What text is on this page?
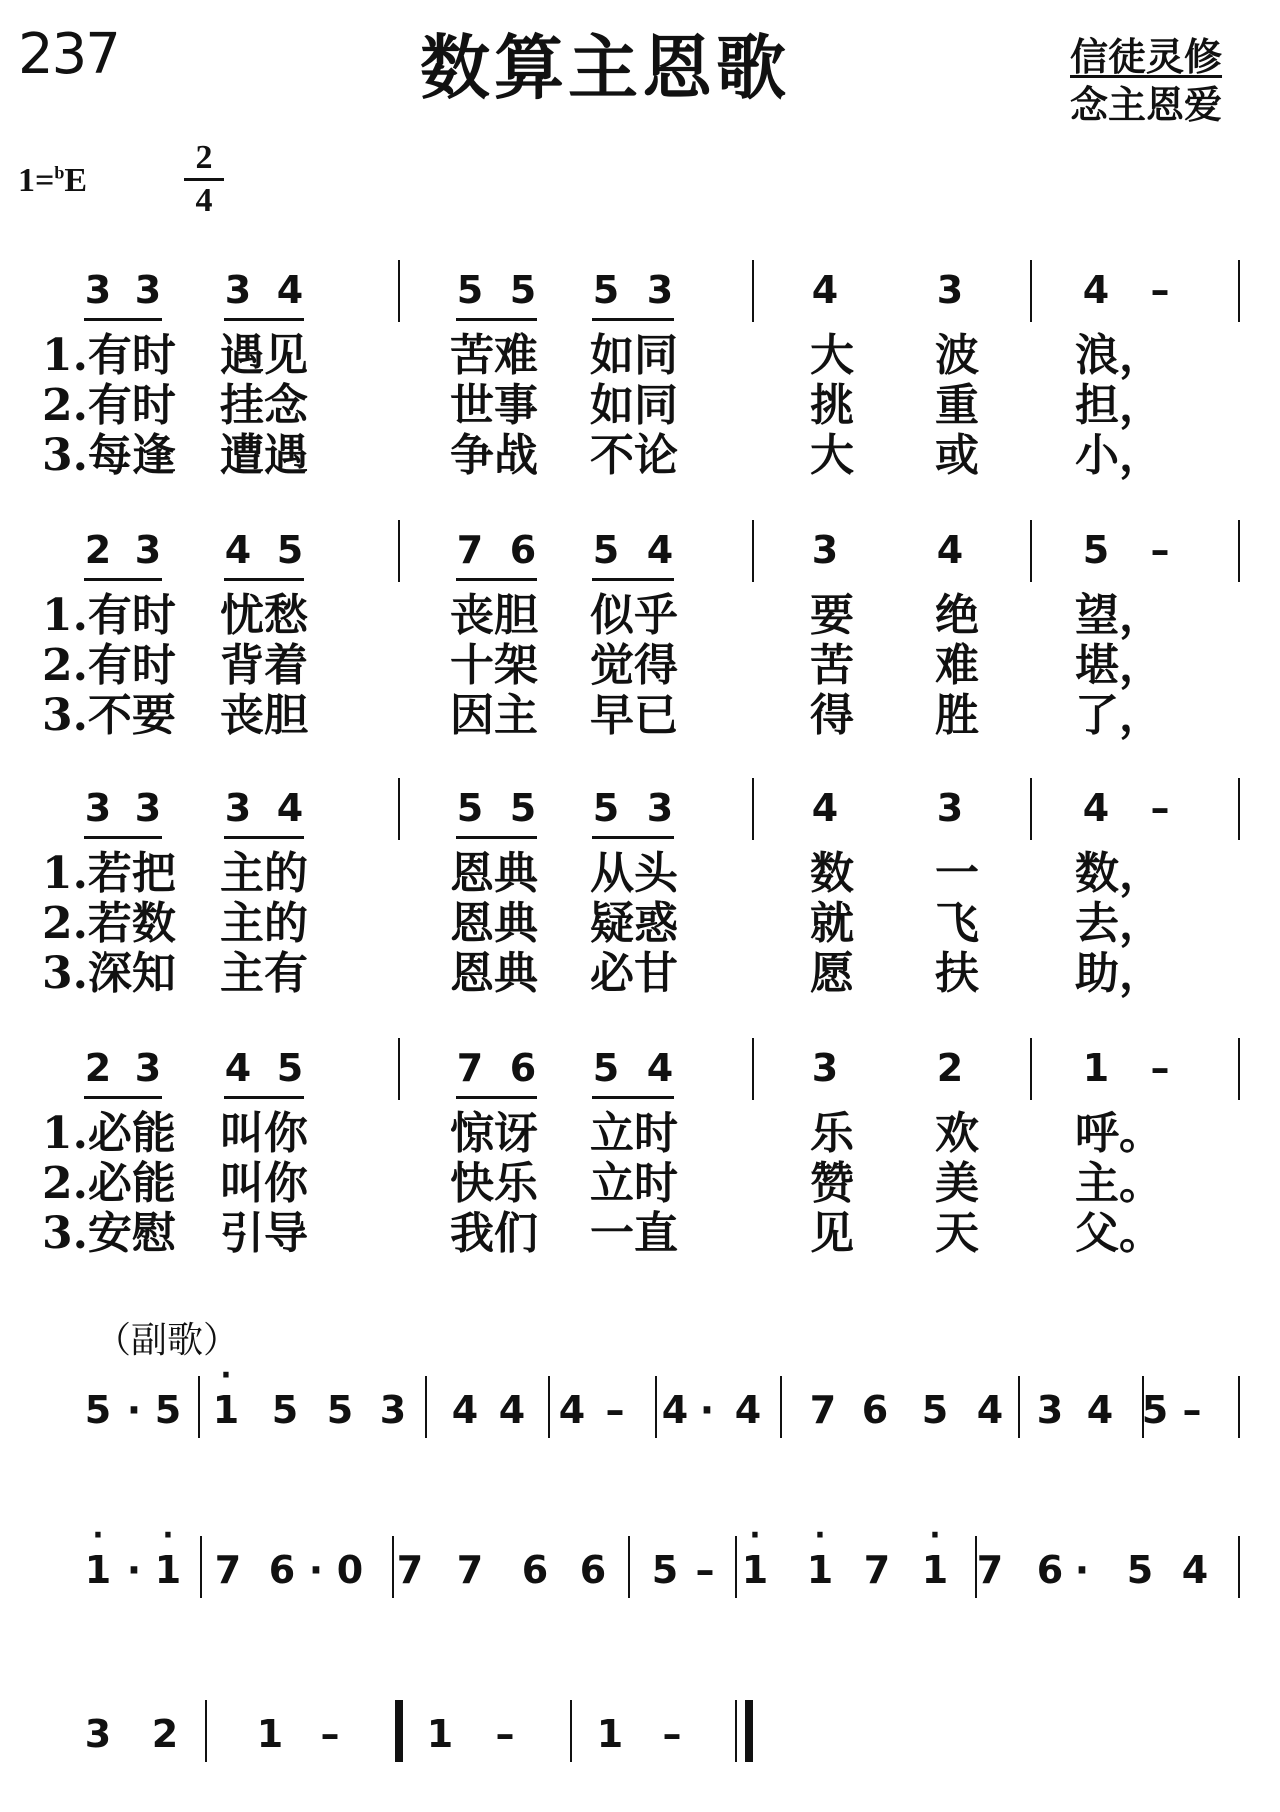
237	数算主恩歌	信徒灵修
念主恩爱
1=$^b$E
2
4
3 3 3 4	5 5 5 3	4	3	4 –
1.有时 遇见	苦难 如同	大 波 浪，
2.有时 挂念	世事 如同	挑 重 担，
3.每逢 遭遇	争战 不论	大 或 小，
2 3 4 5	7 6 5 4	3	4	5 –
1.有时 忧愁	丧胆 似乎	要 绝 望，
2.有时 背着	十架 觉得	苦 难 堪，
3.不要 丧胆	因主 早已	得 胜 了，
3 3 3 4	5 5 5 3	4	3	4 –
1.若把 主的	恩典 从头	数 一 数，
2.若数 主的	恩典 疑惑	就 飞 去，
3.深知 主有	恩典 必甘	愿 扶 助，
2 3 4 5	7 6 5 4	3	2	1 –
1.必能 叫你	惊讶 立时	乐 欢 呼。
2.必能 叫你	快乐 立时	赞 美 主。
3.安慰 引导	我们 一直	见 天 父。
5 · 5 · 1 5 5 3 4 4 4 – 4 · 4 7 6 5 4 3 4 5 –
· 1 · · 1 7 6 · 0 7 7 6 6 5 – · 1 · 1 7 · 1 7 6 · 5 4
3 2 1 – 1 – 1 –
（副歌）
